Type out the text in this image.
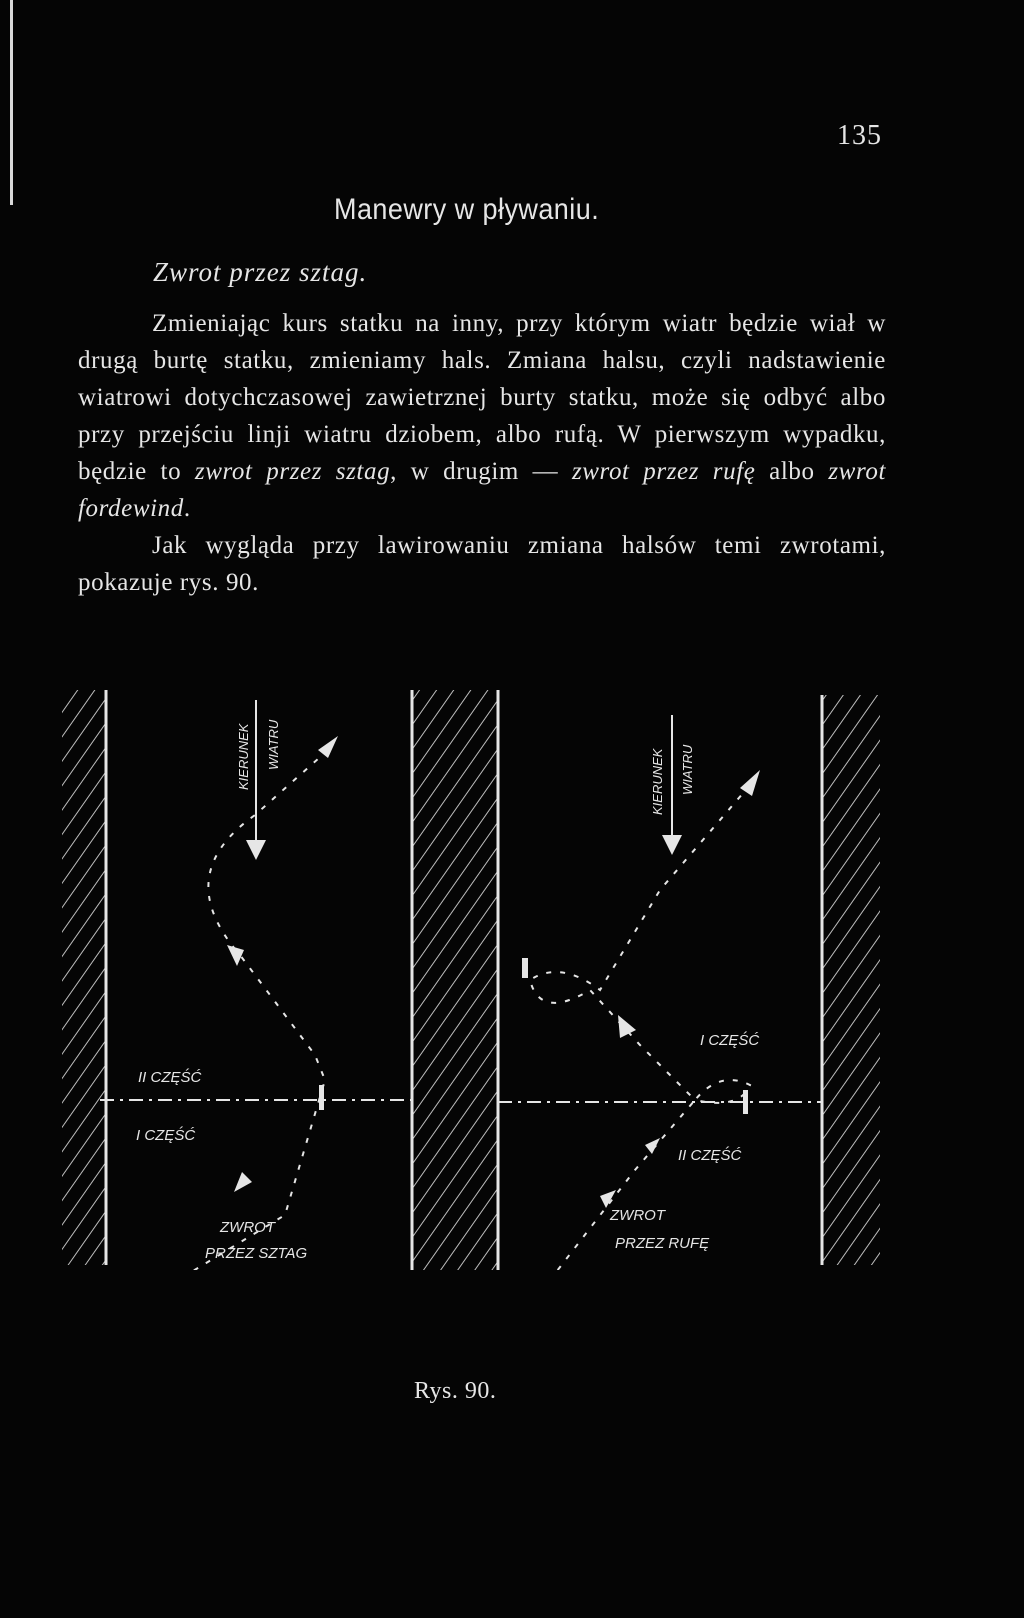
135
Manewry w pływaniu.
Zwrot przez sztag.

Zmieniając kurs statku na inny, przy którym wiatr będzie wiał w drugą burtę statku, zmieniamy hals. Zmiana halsu, czyli nadstawienie wiatrowi dotychczasowej zawietrznej burty statku, może się odbyć albo przy przejściu linji wiatru dziobem, albo rufą. W pierwszym wypadku, będzie to zwrot przez sztag, w drugim — zwrot przez rufę albo zwrot fordewind.

Jak wygląda przy lawirowaniu zmiana halsów temi zwrotami, pokazuje rys. 90.

KIERUNEK WIATRU
II CZĘŚĆ
I CZĘŚĆ
ZWROT
PRZEZ SZTAG
KIERUNEK WIATRU
I CZĘŚĆ
II CZĘŚĆ
ZWROT
PRZEZ RUFĘ
Rys. 90.
